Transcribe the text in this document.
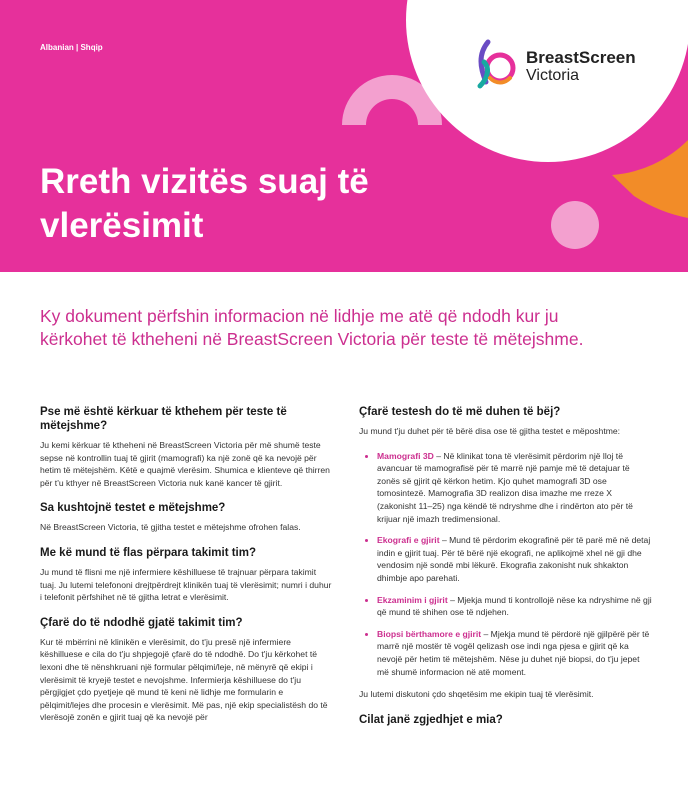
BreastScreen
Victoria
Albanian | Shqip
Rreth vizitës suaj të
vlerësimit

Ky dokument përfshin informacion në lidhje me atë që ndodh kur ju kërkohet të ktheheni në BreastScreen Victoria për teste të mëtejshme.

Pse më është kërkuar të kthehem për teste të mëtejshme?

Ju kemi kërkuar të ktheheni në BreastScreen Victoria për më shumë teste sepse në kontrollin tuaj të gjirit (mamografi) ka një zonë që ka nevojë për hetim të mëtejshëm. Këtë e quajmë vlerësim. Shumica e klienteve që thirren për t'u kthyer në BreastScreen Victoria nuk kanë kancer të gjirit.

Sa kushtojnë testet e mëtejshme?

Në BreastScreen Victoria, të gjitha testet e mëtejshme ofrohen falas.

Me kë mund të flas përpara takimit tim?

Ju mund të flisni me një infermiere këshilluese të trajnuar përpara takimit tuaj. Ju lutemi telefononi drejtpërdrejt klinikën tuaj të vlerësimit; numri i duhur i telefonit përfshihet në të gjitha letrat e vlerësimit.

Çfarë do të ndodhë gjatë takimit tim?

Kur të mbërrini në klinikën e vlerësimit, do t'ju presë një infermiere këshilluese e cila do t'ju shpjegojë çfarë do të ndodhë. Do t'ju kërkohet të lexoni dhe të nënshkruani një formular pëlqimi/leje, në mënyrë që ekipi i vlerësimit të kryejë testet e nevojshme. Infermierja këshilluese do t'ju përgjigjet çdo pyetjeje që mund të keni në lidhje me formularin e pëlqimit/lejes dhe procesin e vlerësimit. Më pas, një ekip specialistësh do të vlerësojë zonën e gjirit tuaj që ka nevojë për

Çfarë testesh do të më duhen të bëj?

Ju mund t'ju duhet për të bërë disa ose të gjitha testet e mëposhtme:

• Mamografi 3D – Në klinikat tona të vlerësimit përdorim një lloj të avancuar të mamografisë për të marrë një pamje më të detajuar të zonës së gjirit që kërkon hetim. Kjo quhet mamografi 3D ose tomosintezë. Mamografia 3D realizon disa imazhe me rreze X (zakonisht 11–25) nga këndë të ndryshme dhe i rindërton ato për të krijuar një imazh tredimensional.
• Ekografi e gjirit – Mund të përdorim ekografinë për të parë më në detaj indin e gjirit tuaj. Për të bërë një ekografi, ne aplikojmë xhel në gji dhe vendosim një sondë mbi lëkurë. Ekografia zakonisht nuk shkakton dhimbje apo parehati.
• Ekzaminim i gjirit – Mjekja mund ti kontrollojë nëse ka ndryshime në gji që mund të shihen ose të ndjehen.
• Biopsi bërthamore e gjirit – Mjekja mund të përdorë një gjilpërë për të marrë një mostër të vogël qelizash ose indi nga pjesa e gjirit që ka nevojë për hetim të mëtejshëm. Nëse ju duhet një biopsi, do t'ju jepet më shumë informacion në atë moment.

Ju lutemi diskutoni çdo shqetësim me ekipin tuaj të vlerësimit.

Cilat janë zgjedhjet e mia?
